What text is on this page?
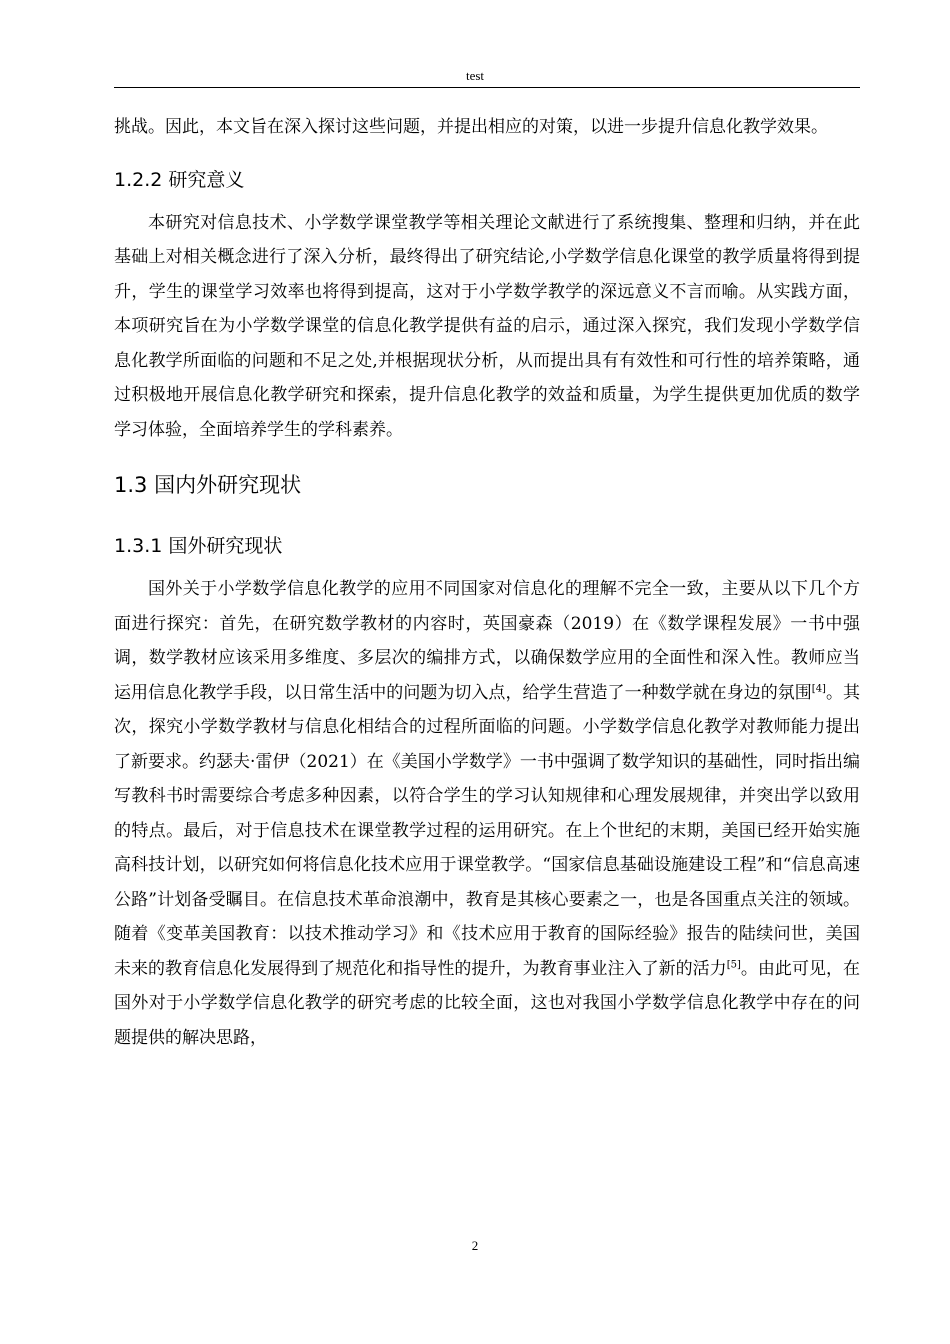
test

挑战。因此，本文旨在深入探讨这些问题，并提出相应的对策，以进一步提升信息化教学效果。

1.2.2 研究意义

本研究对信息技术、小学数学课堂教学等相关理论文献进行了系统搜集、整理和归纳，并在此基础上对相关概念进行了深入分析，最终得出了研究结论,小学数学信息化课堂的教学质量将得到提升，学生的课堂学习效率也将得到提高，这对于小学数学教学的深远意义不言而喻。从实践方面，本项研究旨在为小学数学课堂的信息化教学提供有益的启示，通过深入探究，我们发现小学数学信息化教学所面临的问题和不足之处,并根据现状分析，从而提出具有有效性和可行性的培养策略，通过积极地开展信息化教学研究和探索，提升信息化教学的效益和质量，为学生提供更加优质的数学学习体验，全面培养学生的学科素养。

1.3 国内外研究现状
1.3.1 国外研究现状

国外关于小学数学信息化教学的应用不同国家对信息化的理解不完全一致，主要从以下几个方面进行探究：首先，在研究数学教材的内容时，英国豪森（2019）在《数学课程发展》一书中强调，数学教材应该采用多维度、多层次的编排方式，以确保数学应用的全面性和深入性。教师应当运用信息化教学手段，以日常生活中的问题为切入点，给学生营造了一种数学就在身边的氛围[4]。其次，探究小学数学教材与信息化相结合的过程所面临的问题。小学数学信息化教学对教师能力提出了新要求。约瑟夫·雷伊（2021）在《美国小学数学》一书中强调了数学知识的基础性，同时指出编写教科书时需要综合考虑多种因素，以符合学生的学习认知规律和心理发展规律，并突出学以致用的特点。最后，对于信息技术在课堂教学过程的运用研究。在上个世纪的末期，美国已经开始实施高科技计划，以研究如何将信息化技术应用于课堂教学。“国家信息基础设施建设工程”和“信息高速公路”计划备受瞩目。在信息技术革命浪潮中，教育是其核心要素之一，也是各国重点关注的领域。随着《变革美国教育：以技术推动学习》和《技术应用于教育的国际经验》报告的陆续问世，美国未来的教育信息化发展得到了规范化和指导性的提升，为教育事业注入了新的活力[5]。由此可见，在国外对于小学数学信息化教学的研究考虑的比较全面，这也对我国小学数学信息化教学中存在的问题提供的解决思路，

2
